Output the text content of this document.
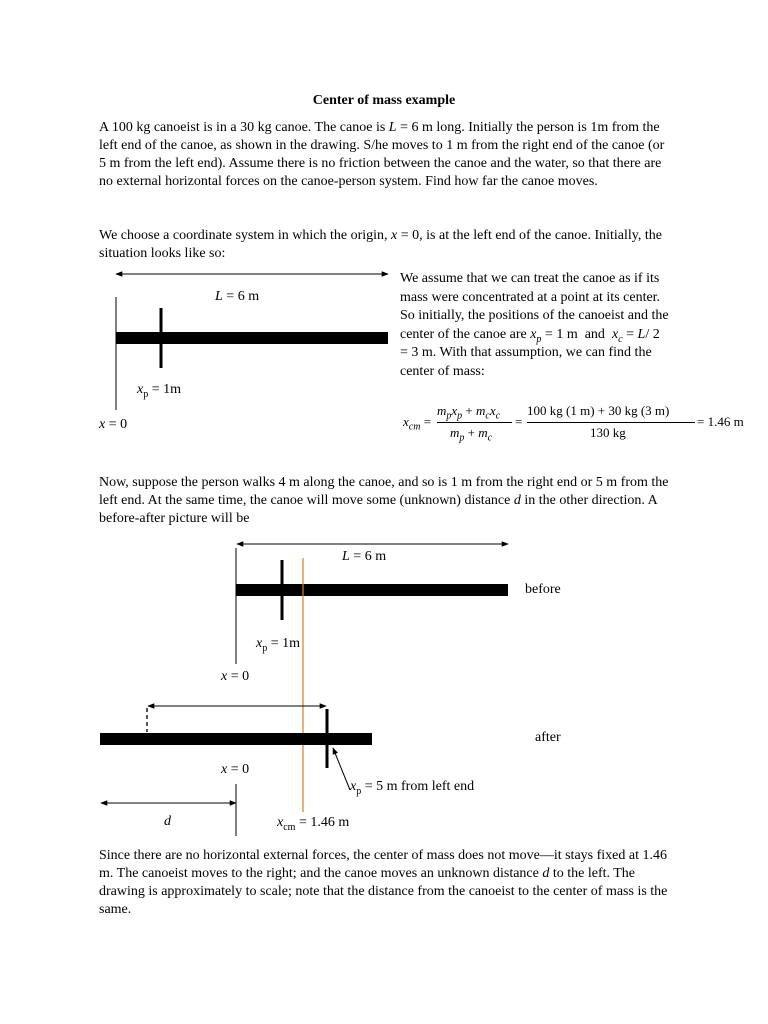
Center of mass example
A 100 kg canoeist is in a 30 kg canoe. The canoe is L = 6 m long. Initially the person is 1m from the left end of the canoe, as shown in the drawing. S/he moves to 1 m from the right end of the canoe (or 5 m from the left end). Assume there is no friction between the canoe and the water, so that there are no external horizontal forces on the canoe-person system. Find how far the canoe moves.
We choose a coordinate system in which the origin, x = 0, is at the left end of the canoe. Initially, the situation looks like so:
L = 6 m
$x_p = 1m$
x = 0
We assume that we can treat the canoe as if its mass were concentrated at a point at its center. So initially, the positions of the canoeist and the center of the canoe are $x_p = 1$ m and $x_c = L/$ 2 = 3 m. With that assumption, we can find the center of mass:
$x_{cm}$ =
$m_px_p + m_cx_c$
$m_p + m_c$
=
100 kg (1 m) + 30 kg (3 m)
130 kg
= 1.46 m
Now, suppose the person walks 4 m along the canoe, and so is 1 m from the right end or 5 m from the left end. At the same time, the canoe will move some (unknown) distance d in the other direction. A before-after picture will be
L = 6 m
before
$x_p = 1m$
x = 0
after
x = 0
$x_p = 5$ m from left end
d	$x_{cm} = 1.46$ m
Since there are no horizontal external forces, the center of mass does not move—it stays fixed at 1.46 m. The canoeist moves to the right; and the canoe moves an unknown distance d to the left. The drawing is approximately to scale; note that the distance from the canoeist to the center of mass is the same.
